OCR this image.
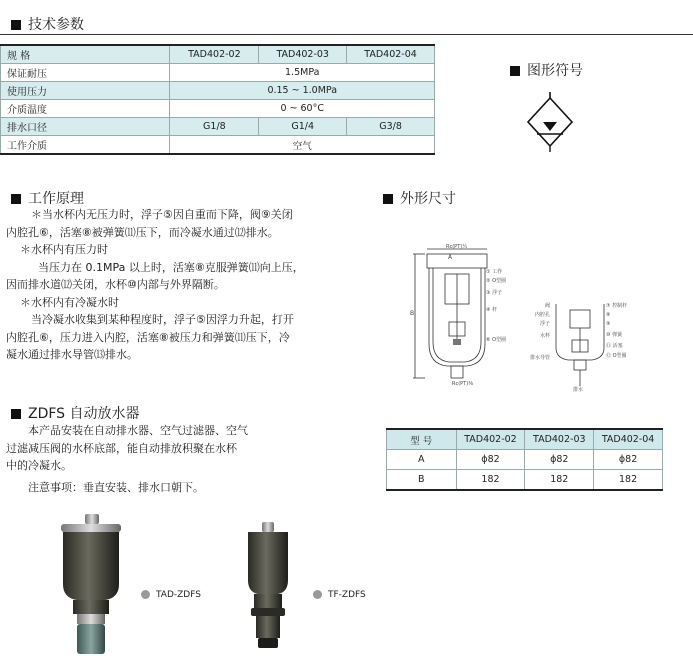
技术参数
规 格	TAD402-02	TAD402-03	TAD402-04
保证耐压	1.5MPa		
使用压力	0.15 ~ 1.0MPa		
介质温度	0 ~ 60°C		
排水口径	G1/8	G1/4	G3/8
工作介质	空气		
图形符号
工作原理
＊当水杯内无压力时，浮子⑤因自重而下降，阀⑨关闭
内腔孔⑥，活塞⑧被弹簧⑾压下，而冷凝水通过⑿排水。
＊水杯内有压力时
当压力在 0.1MPa 以上时，活塞⑧克服弹簧⑾向上压，
因而排水道⑿关闭，水杯⑩内部与外界隔断。
＊水杯内有冷凝水时
当冷凝水收集到某种程度时，浮子⑤因浮力升起，打开
内腔孔⑥，压力进入内腔，活塞⑧被压力和弹簧⑾压下，冷
凝水通过排水导管⒀排水。
外形尺寸
Rc(PT)¼
A
B
Rc(PT)⅜
① 工作
② O型圈
③ 浮子
④ 杆
⑥ O型圈
阀
内腔孔
浮子
水杯
排水导管
⑦ 控制杆
⑧
⑨
⑩ 弹簧
⑪ 活塞
⑫ O型圈
排水
型 号	TAD402-02	TAD402-03	TAD402-04
A	ϕ82	ϕ82	ϕ82
B	182	182	182
ZDFS 自动放水器
本产品安装在自动排水器、空气过滤器、空气
过滤减压阀的水杯底部，能自动排放积聚在水杯
中的冷凝水。
注意事项：垂直安装、排水口朝下。
TAD-ZDFS	TF-ZDFS
